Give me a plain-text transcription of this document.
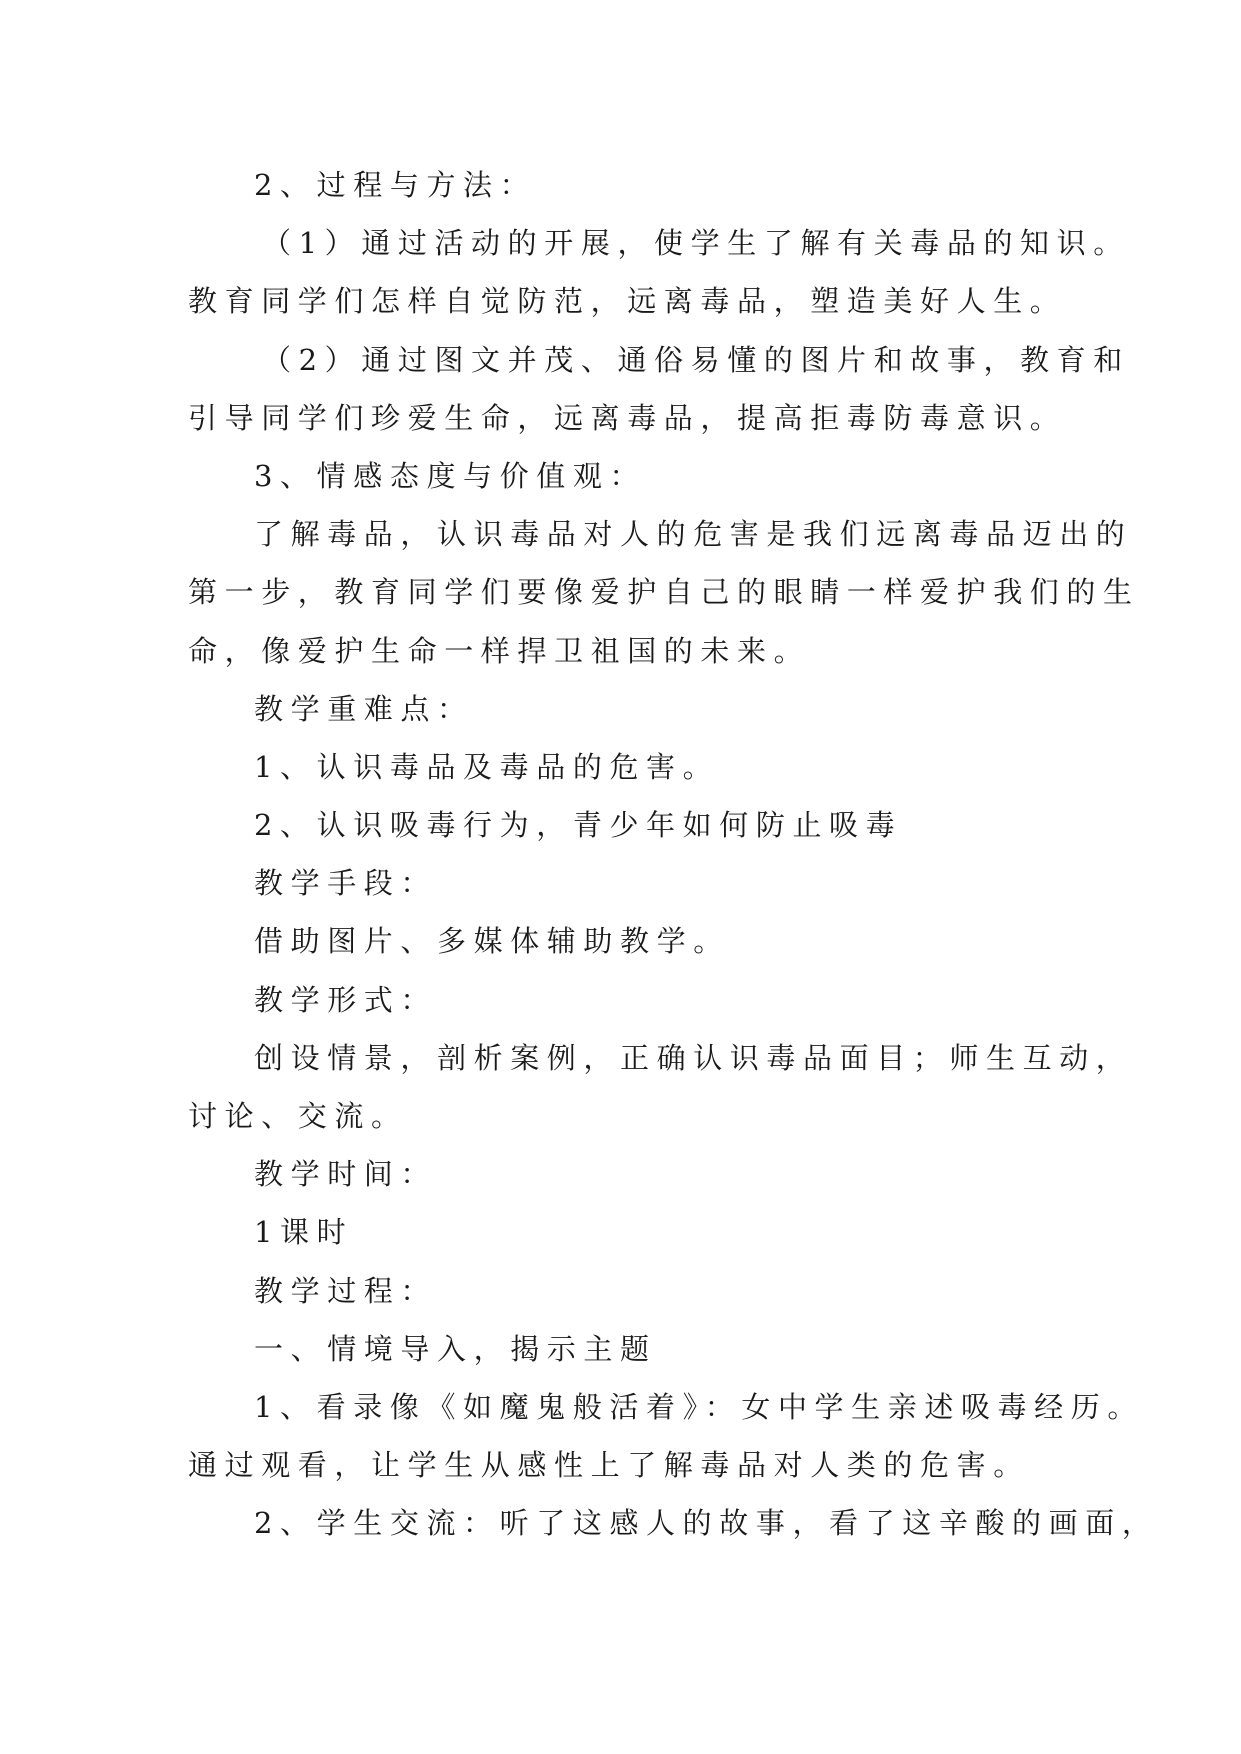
2、过程与方法：
（1）通过活动的开展，使学生了解有关毒品的知识。
教育同学们怎样自觉防范，远离毒品，塑造美好人生。
（2）通过图文并茂、通俗易懂的图片和故事，教育和
引导同学们珍爱生命，远离毒品，提高拒毒防毒意识。
3、情感态度与价值观：
了解毒品，认识毒品对人的危害是我们远离毒品迈出的
第一步，教育同学们要像爱护自己的眼睛一样爱护我们的生
命，像爱护生命一样捍卫祖国的未来。
教学重难点：
1、认识毒品及毒品的危害。
2、认识吸毒行为，青少年如何防止吸毒
教学手段：
借助图片、多媒体辅助教学。
教学形式：
创设情景，剖析案例，正确认识毒品面目；师生互动，
讨论、交流。
教学时间：
1课时
教学过程：
一、情境导入，揭示主题
1、看录像《如魔鬼般活着》：女中学生亲述吸毒经历。
通过观看，让学生从感性上了解毒品对人类的危害。
2、学生交流：听了这感人的故事，看了这辛酸的画面，
